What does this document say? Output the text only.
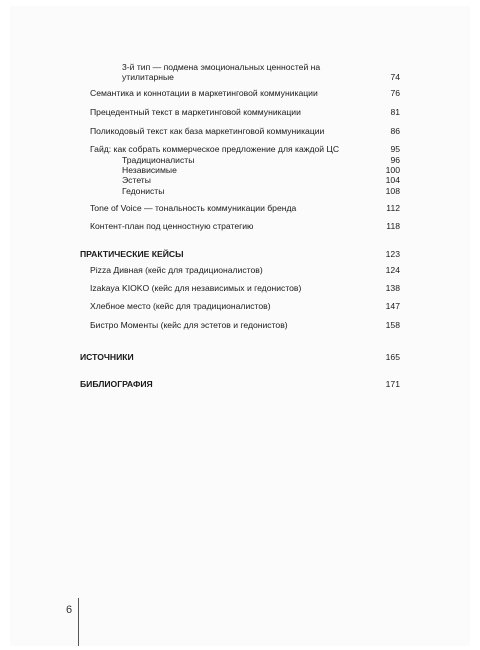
3-й тип — подмена эмоциональных ценностей на утилитарные	74
Семантика и коннотации в маркетинговой коммуникации	76
Прецедентный текст в маркетинговой коммуникации	81
Поликодовый текст как база маркетинговой коммуникации	86
Гайд: как собрать коммерческое предложение для каждой ЦС	95
Традиционалисты	96
Независимые	100
Эстеты	104
Гедонисты	108
Tone of Voice — тональность коммуникации бренда	112
Контент-план под ценностную стратегию	118
ПРАКТИЧЕСКИЕ КЕЙСЫ	123
Pizza Дивная (кейс для традиционалистов)	124
Izakaya KIOKO (кейс для независимых и гедонистов)	138
Хлебное место (кейс для традиционалистов)	147
Бистро Моменты (кейс для эстетов и гедонистов)	158
ИСТОЧНИКИ	165
БИБЛИОГРАФИЯ	171
6
